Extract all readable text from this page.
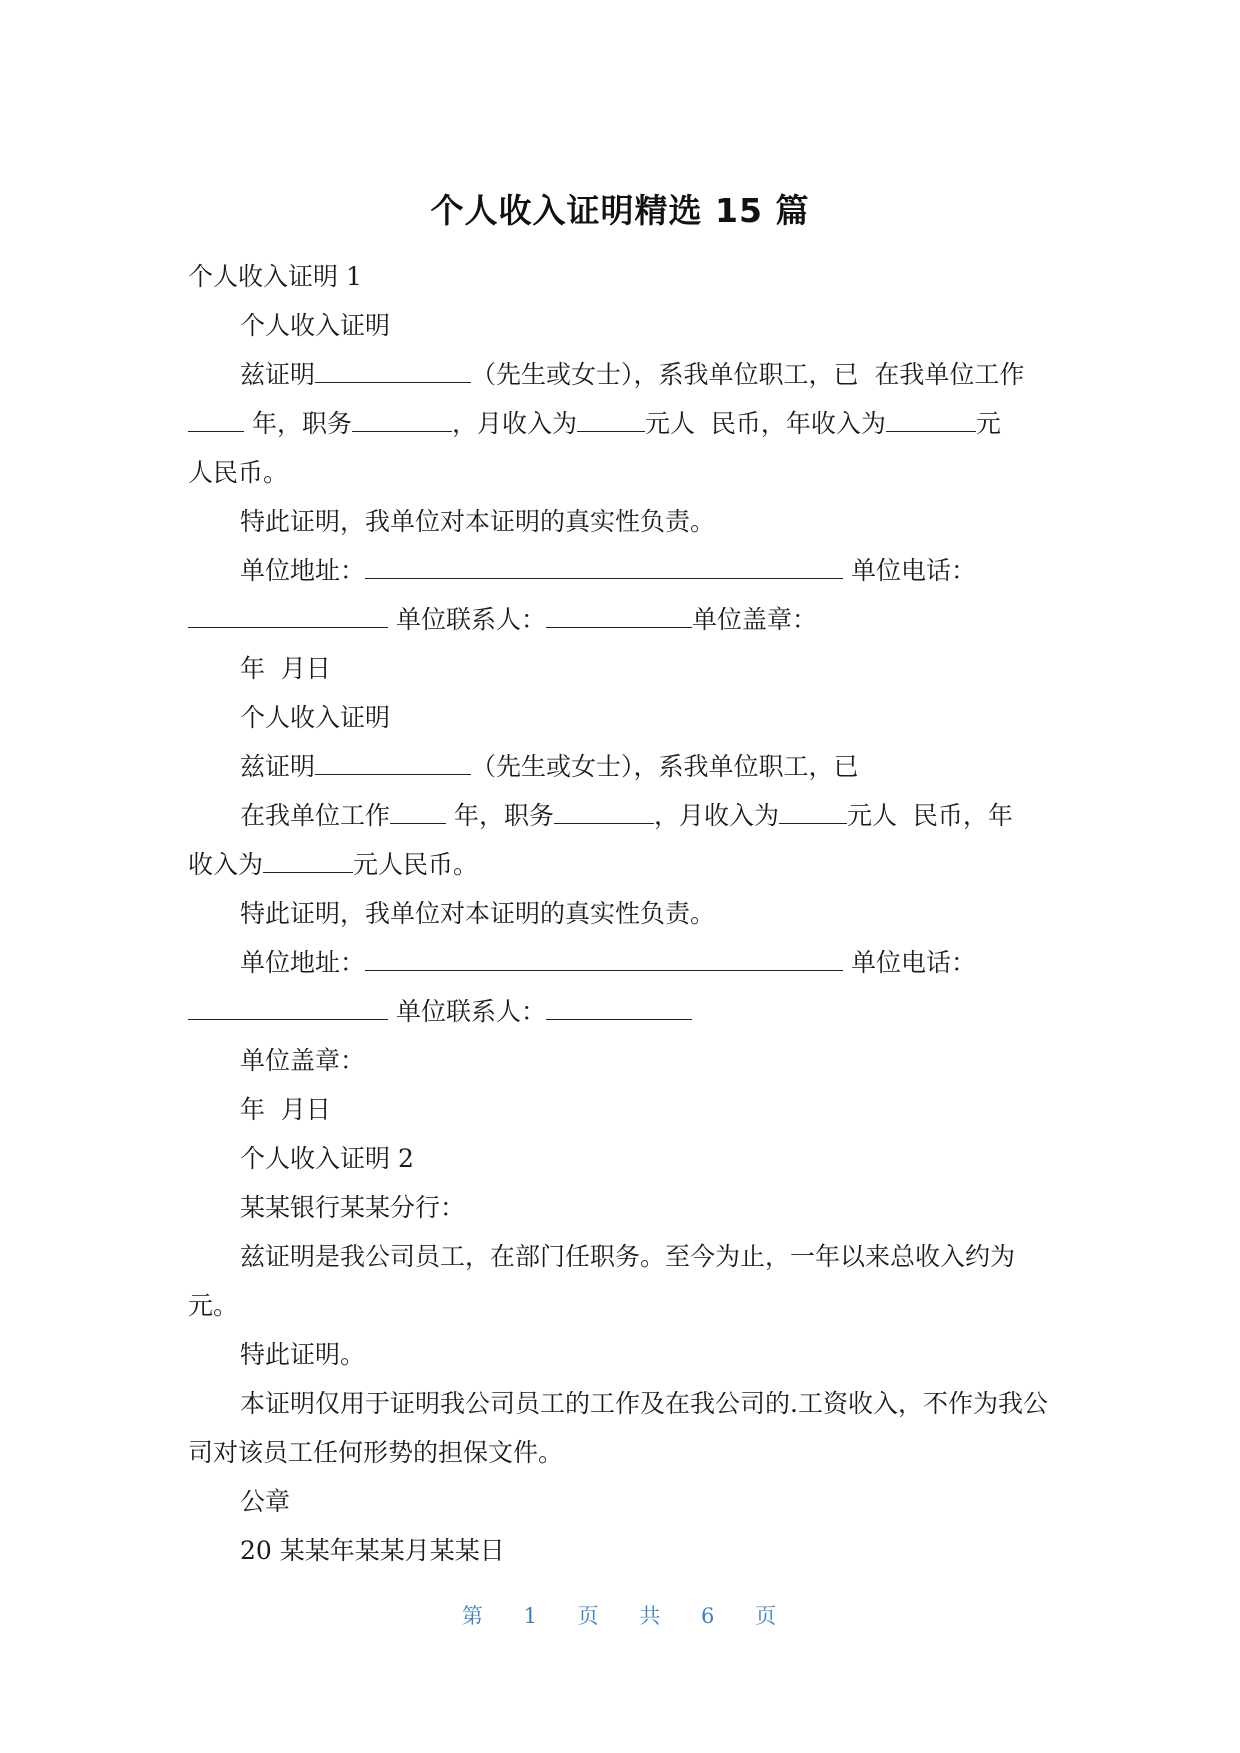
个人收入证明精选 15 篇

个人收入证明 1

个人收入证明

兹证明	（先生或女士），系我单位职工，已  在我单位工作

年，职务	，月收入为	元人  民币，年收入为	元

人民币。

特此证明，我单位对本证明的真实性负责。

单位地址：	单位电话：

单位联系人：	单位盖章：

年  月日

个人收入证明

兹证明	（先生或女士），系我单位职工，已

在我单位工作 年，职务	，月收入为	元人  民币，年

收入为	元人民币。

特此证明，我单位对本证明的真实性负责。

单位地址：	单位电话：

单位联系人：

单位盖章：

年  月日

个人收入证明 2

某某银行某某分行：

兹证明是我公司员工，在部门任职务。至今为止，一年以来总收入约为

元。

特此证明。

本证明仅用于证明我公司员工的工作及在我公司的.工资收入，不作为我公

司对该员工任何形势的担保文件。

公章

20 某某年某某月某某日

第 1 页 共 6 页
